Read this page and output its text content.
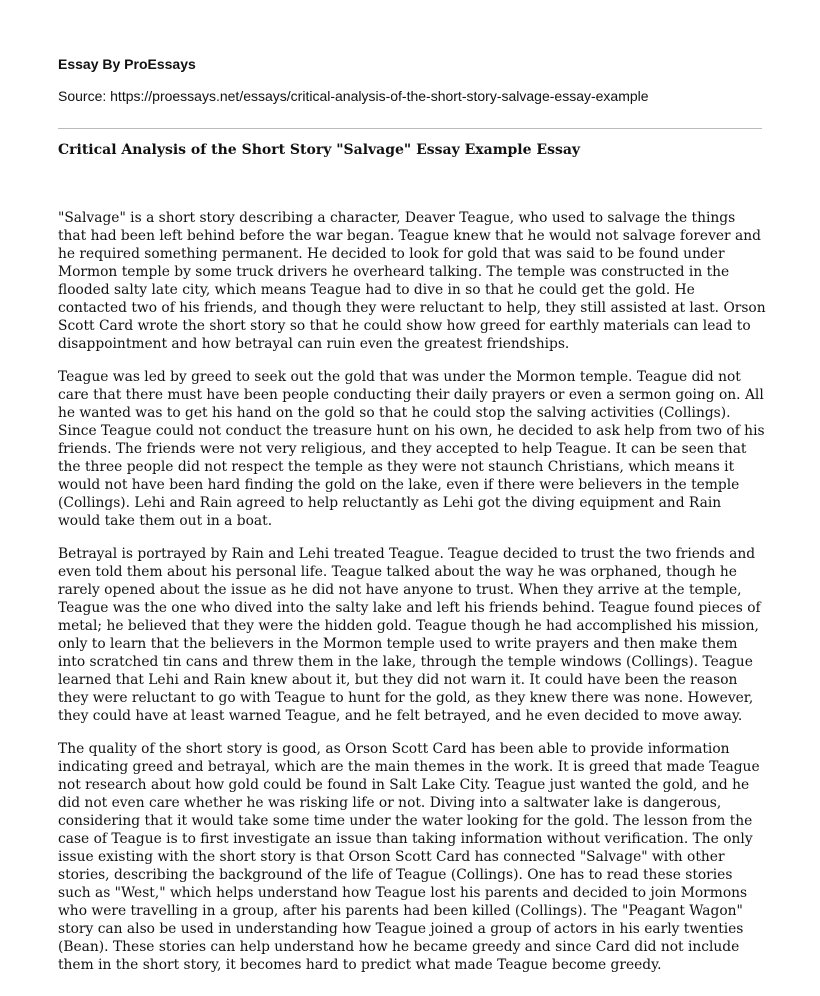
Essay By ProEssays
Source: https://proessays.net/essays/critical-analysis-of-the-short-story-salvage-essay-example
Critical Analysis of the Short Story "Salvage" Essay Example Essay

"Salvage" is a short story describing a character, Deaver Teague, who used to salvage the things that had been left behind before the war began. Teague knew that he would not salvage forever and he required something permanent. He decided to look for gold that was said to be found under Mormon temple by some truck drivers he overheard talking. The temple was constructed in the flooded salty late city, which means Teague had to dive in so that he could get the gold. He contacted two of his friends, and though they were reluctant to help, they still assisted at last. Orson Scott Card wrote the short story so that he could show how greed for earthly materials can lead to disappointment and how betrayal can ruin even the greatest friendships.

Teague was led by greed to seek out the gold that was under the Mormon temple. Teague did not care that there must have been people conducting their daily prayers or even a sermon going on. All he wanted was to get his hand on the gold so that he could stop the salving activities (Collings). Since Teague could not conduct the treasure hunt on his own, he decided to ask help from two of his friends. The friends were not very religious, and they accepted to help Teague. It can be seen that the three people did not respect the temple as they were not staunch Christians, which means it would not have been hard finding the gold on the lake, even if there were believers in the temple (Collings). Lehi and Rain agreed to help reluctantly as Lehi got the diving equipment and Rain would take them out in a boat.

Betrayal is portrayed by Rain and Lehi treated Teague. Teague decided to trust the two friends and even told them about his personal life. Teague talked about the way he was orphaned, though he rarely opened about the issue as he did not have anyone to trust. When they arrive at the temple, Teague was the one who dived into the salty lake and left his friends behind. Teague found pieces of metal; he believed that they were the hidden gold. Teague though he had accomplished his mission, only to learn that the believers in the Mormon temple used to write prayers and then make them into scratched tin cans and threw them in the lake, through the temple windows (Collings). Teague learned that Lehi and Rain knew about it, but they did not warn it. It could have been the reason they were reluctant to go with Teague to hunt for the gold, as they knew there was none. However, they could have at least warned Teague, and he felt betrayed, and he even decided to move away.

The quality of the short story is good, as Orson Scott Card has been able to provide information indicating greed and betrayal, which are the main themes in the work. It is greed that made Teague not research about how gold could be found in Salt Lake City. Teague just wanted the gold, and he did not even care whether he was risking life or not. Diving into a saltwater lake is dangerous, considering that it would take some time under the water looking for the gold. The lesson from the case of Teague is to first investigate an issue than taking information without verification. The only issue existing with the short story is that Orson Scott Card has connected "Salvage" with other stories, describing the background of the life of Teague (Collings). One has to read these stories such as "West," which helps understand how Teague lost his parents and decided to join Mormons who were travelling in a group, after his parents had been killed (Collings). The "Peagant Wagon" story can also be used in understanding how Teague joined a group of actors in his early twenties (Bean). These stories can help understand how he became greedy and since Card did not include them in the short story, it becomes hard to predict what made Teague become greedy.
